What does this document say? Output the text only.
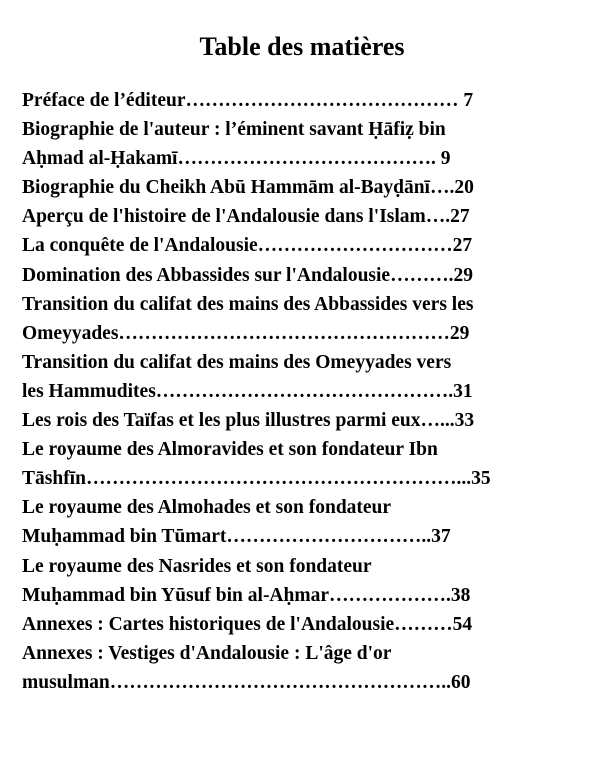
Table des matières
Préface de l’éditeur…………………………………… 7
Biographie de l'auteur : l’éminent savant Ḥāfiẓ bin
Aḥmad al-Ḥakamī…………………………………. 9
Biographie du Cheikh Abū Hammām al-Bayḍānī….20
Aperçu de l'histoire de l'Andalousie dans l'Islam….27
La conquête de l'Andalousie…………………………27
Domination des Abbassides sur l'Andalousie……….29
Transition du califat des mains des Abbassides vers les
Omeyyades……………………………………………29
Transition du califat des mains des Omeyyades vers
les Hammudites……………………………………….31
Les rois des Taïfas et les plus illustres parmi eux…...33
Le royaume des Almoravides et son fondateur Ibn
Tāshfīn…………………………………………………...35
Le royaume des Almohades et son fondateur
Muḥammad bin Tūmart…………………………..37
Le royaume des Nasrides et son fondateur
Muḥammad bin Yūsuf bin al-Aḥmar……………….38
Annexes : Cartes historiques de l'Andalousie………54
Annexes : Vestiges d'Andalousie : L'âge d'or
musulman……………………………………………..60
